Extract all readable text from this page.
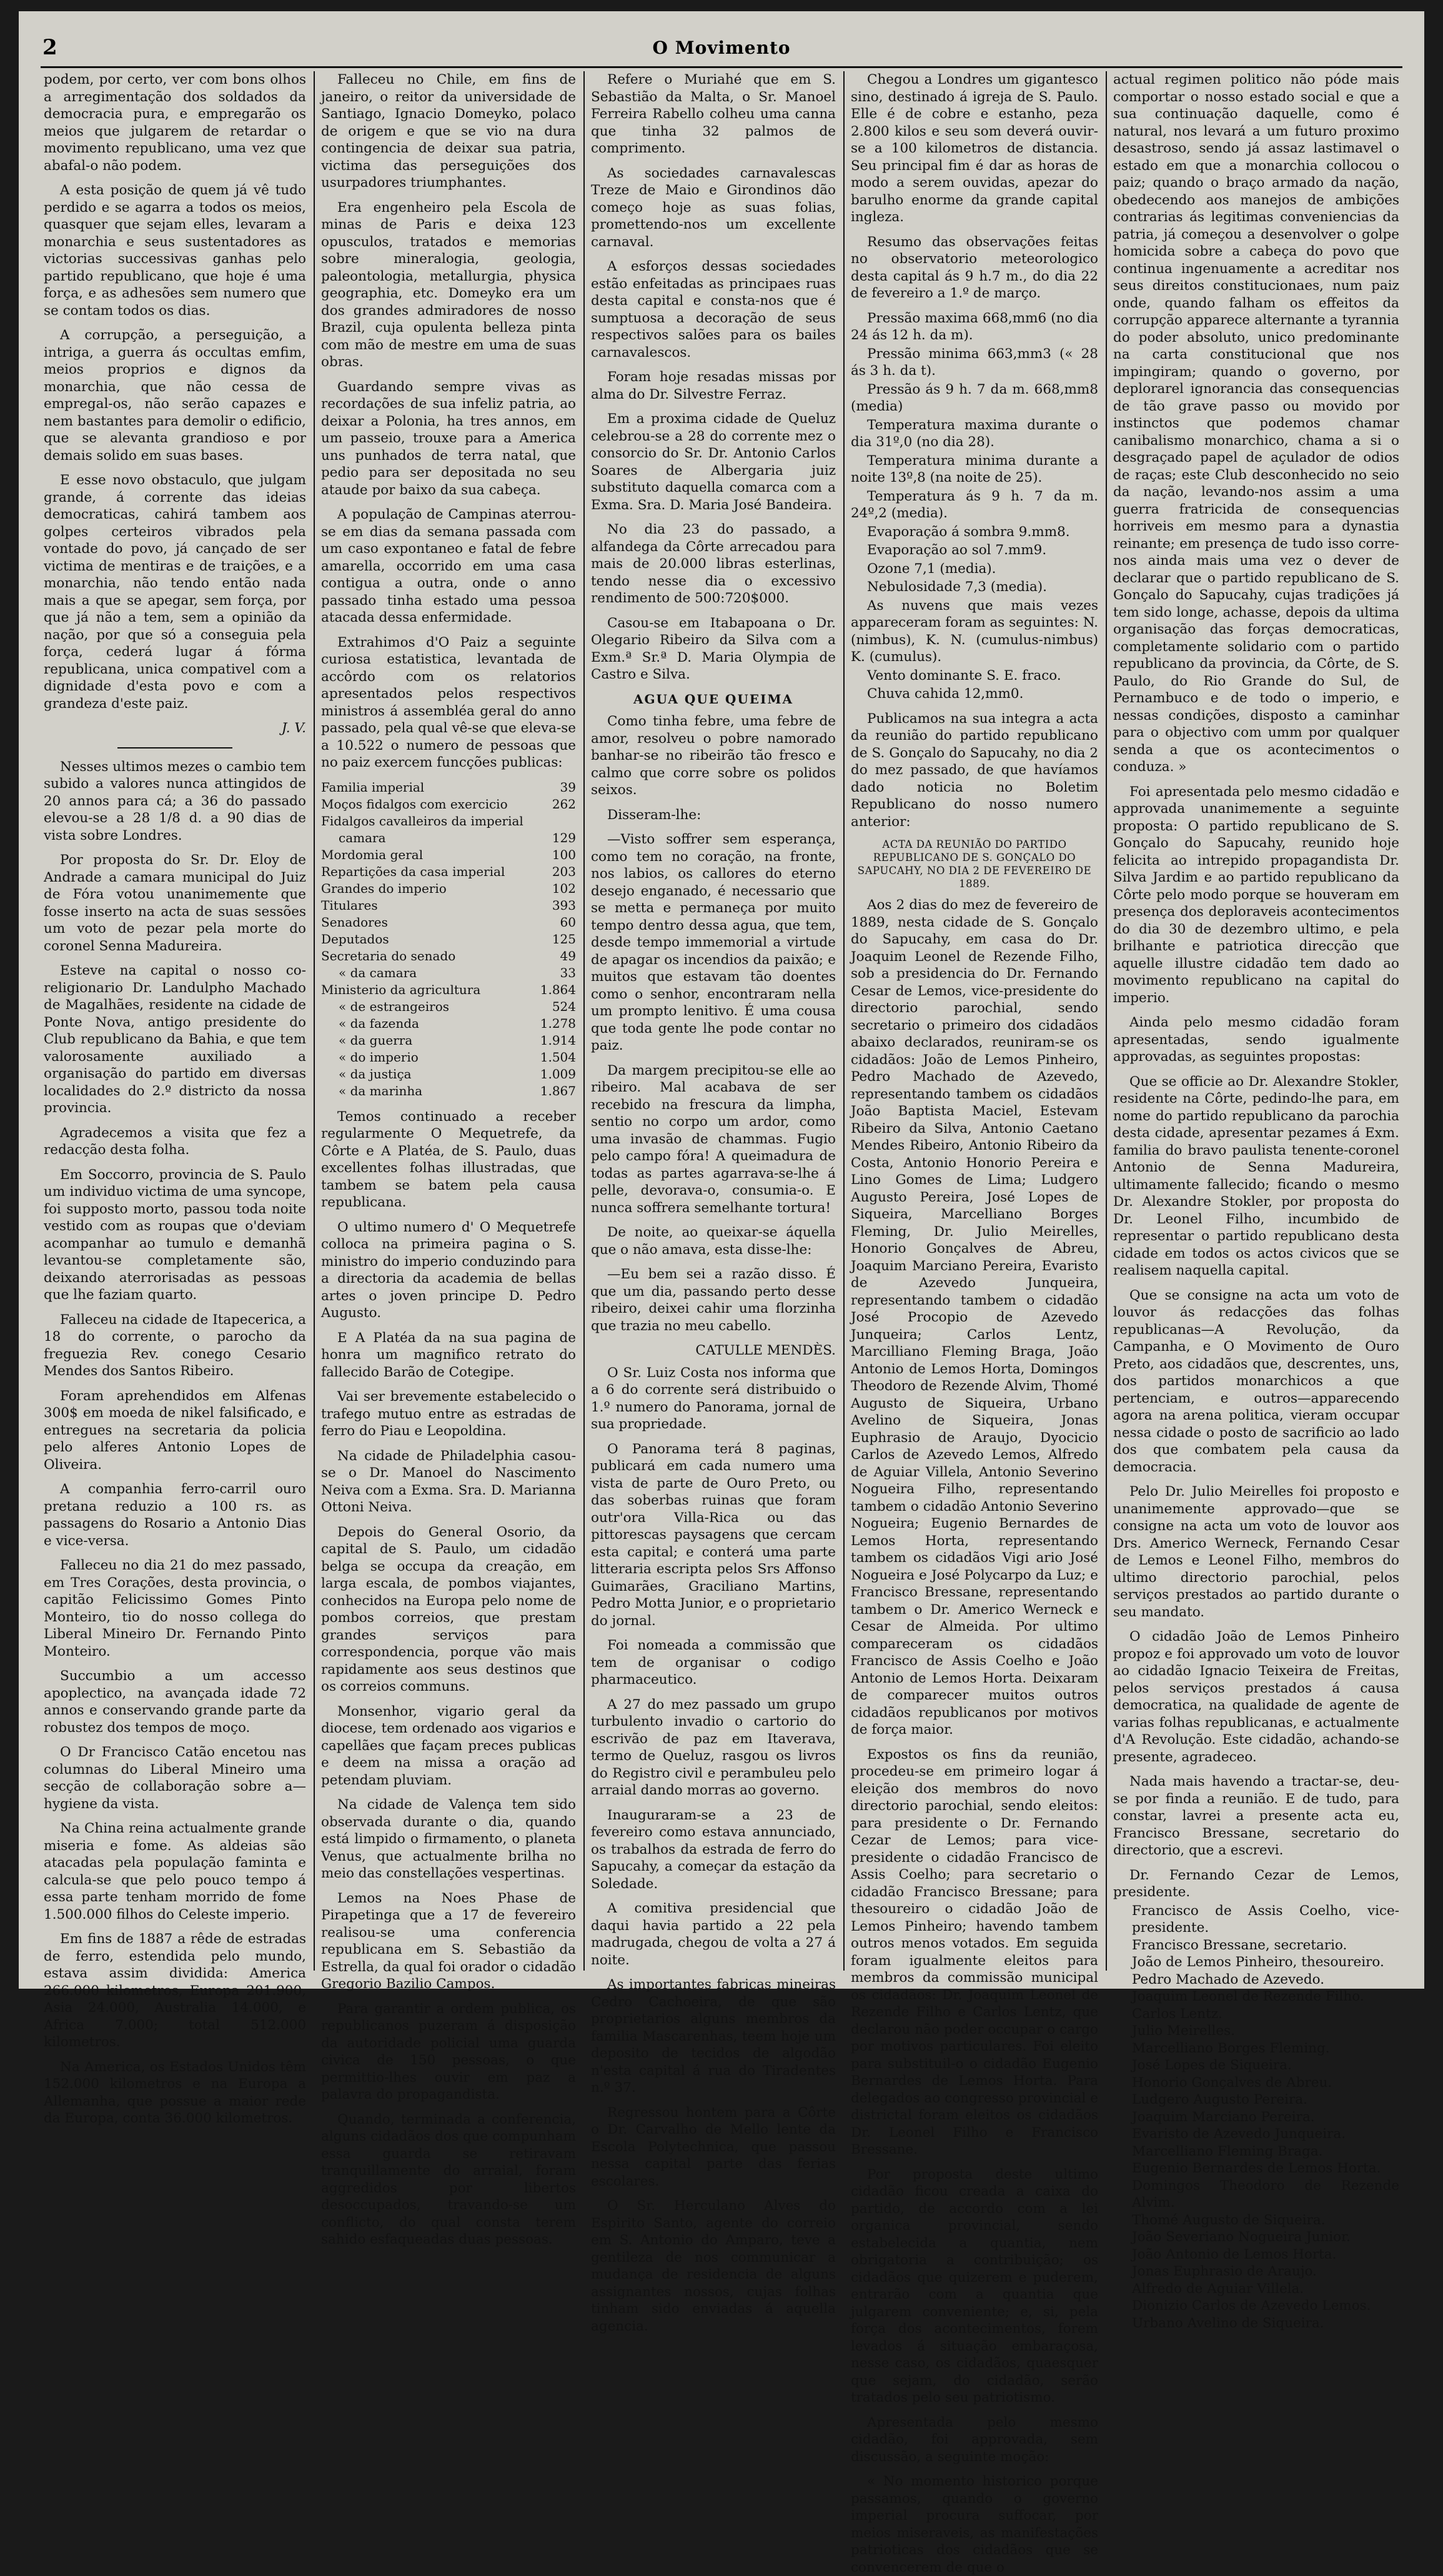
2	O Movimento

podem, por certo, ver com bons olhos a arregimentação dos soldados da democracia pura, e empregarão os meios que julgarem de retardar o movimento republicano, uma vez que abafal-o não podem.

A esta posição de quem já vê tudo perdido e se agarra a todos os meios, quasquer que sejam elles, levaram a monarchia e seus sustentadores as victorias successivas ganhas pelo partido republicano, que hoje é uma força, e as adhesões sem numero que se contam todos os dias.

A corrupção, a perseguição, a intriga, a guerra ás occultas emfim, meios proprios e dignos da monarchia, que não cessa de empregal-os, não serão capazes e nem bastantes para demolir o edificio, que se alevanta grandioso e por demais solido em suas bases.

E esse novo obstaculo, que julgam grande, á corrente das ideias democraticas, cahirá tambem aos golpes certeiros vibrados pela vontade do povo, já cançado de ser victima de mentiras e de traições, e a monarchia, não tendo então nada mais a que se apegar, sem força, por que já não a tem, sem a opinião da nação, por que só a conseguia pela força, cederá lugar á fórma republicana, unica compativel com a dignidade d'esta povo e com a grandeza d'este paiz.

J. V.

Nesses ultimos mezes o cambio tem subido a valores nunca attingidos de 20 annos para cá; a 36 do passado elevou-se a 28 1/8 d. a 90 dias de vista sobre Londres.

Por proposta do Sr. Dr. Eloy de Andrade a camara municipal do Juiz de Fóra votou unanimemente que fosse inserto na acta de suas sessões um voto de pezar pela morte do coronel Senna Madureira.

Esteve na capital o nosso co-religionario Dr. Landulpho Machado de Magalhães, residente na cidade de Ponte Nova, antigo presidente do Club republicano da Bahia, e que tem valorosamente auxiliado a organisação do partido em diversas localidades do 2.º districto da nossa provincia.

Agradecemos a visita que fez a redacção desta folha.

Em Soccorro, provincia de S. Paulo um individuo victima de uma syncope, foi supposto morto, passou toda noite vestido com as roupas que o'deviam acompanhar ao tumulo e demanhã levantou-se completamente são, deixando aterrorisadas as pessoas que lhe faziam quarto.

Falleceu na cidade de Itapecerica, a 18 do corrente, o parocho da freguezia Rev. conego Cesario Mendes dos Santos Ribeiro.

Foram aprehendidos em Alfenas 300$ em moeda de nikel falsificado, e entregues na secretaria da policia pelo alferes Antonio Lopes de Oliveira.

A companhia ferro-carril ouro pretana reduzio a 100 rs. as passagens do Rosario a Antonio Dias e vice-versa.

Falleceu no dia 21 do mez passado, em Tres Corações, desta provincia, o capitão Felicissimo Gomes Pinto Monteiro, tio do nosso collega do Liberal Mineiro Dr. Fernando Pinto Monteiro.

Succumbio a um accesso apoplectico, na avançada idade 72 annos e conservando grande parte da robustez dos tempos de moço.

O Dr Francisco Catão encetou nas columnas do Liberal Mineiro uma secção de collaboração sobre a—hygiene da vista.

Na China reina actualmente grande miseria e fome. As aldeias são atacadas pela população faminta e calcula-se que pelo pouco tempo á essa parte tenham morrido de fome 1.500.000 filhos do Celeste imperio.

Em fins de 1887 a rêde de estradas de ferro, estendida pelo mundo, estava assim dividida: America 266.000 kilometros, Europa 201.900, Asia 24.000, Australia 14.000, e Africa 7.000; total 512.000 kilometros.

Na America, os Estados Unidos têm 152.000 kilometros e na Europa a Allemanha, que possue a maior rede da Europa, conta 36.000 kilometros.

Falleceu no Chile, em fins de janeiro, o reitor da universidade de Santiago, Ignacio Domeyko, polaco de origem e que se vio na dura contingencia de deixar sua patria, victima das perseguições dos usurpadores triumphantes.

Era engenheiro pela Escola de minas de Paris e deixa 123 opusculos, tratados e memorias sobre mineralogia, geologia, paleontologia, metallurgia, physica geographia, etc. Domeyko era um dos grandes admiradores de nosso Brazil, cuja opulenta belleza pinta com mão de mestre em uma de suas obras.

Guardando sempre vivas as recordações de sua infeliz patria, ao deixar a Polonia, ha tres annos, em um passeio, trouxe para a America uns punhados de terra natal, que pedio para ser depositada no seu ataude por baixo da sua cabeça.

A população de Campinas aterrou-se em dias da semana passada com um caso expontaneo e fatal de febre amarella, occorrido em uma casa contigua a outra, onde o anno passado tinha estado uma pessoa atacada dessa enfermidade.

Extrahimos d'O Paiz a seguinte curiosa estatistica, levantada de accôrdo com os relatorios apresentados pelos respectivos ministros á assembléa geral do anno passado, pela qual vê-se que eleva-se a 10.522 o numero de pessoas que no paiz exercem funcções publicas:

Familia imperial	39
Moços fidalgos com exercicio	262
Fidalgos cavalleiros da imperial	
camara	129
Mordomia geral	100
Repartições da casa imperial	203
Grandes do imperio	102
Titulares	393
Senadores	60
Deputados	125
Secretaria do senado	49
« da camara	33
Ministerio da agricultura	1.864
« de estrangeiros	524
« da fazenda	1.278
« da guerra	1.914
« do imperio	1.504
« da justiça	1.009
« da marinha	1.867

Temos continuado a receber regularmente O Mequetrefe, da Côrte e A Platéa, de S. Paulo, duas excellentes folhas illustradas, que tambem se batem pela causa republicana.

O ultimo numero d' O Mequetrefe colloca na primeira pagina o S. ministro do imperio conduzindo para a directoria da academia de bellas artes o joven principe D. Pedro Augusto.

E A Platéa da na sua pagina de honra um magnifico retrato do fallecido Barão de Cotegipe.

Vai ser brevemente estabelecido o trafego mutuo entre as estradas de ferro do Piau e Leopoldina.

Na cidade de Philadelphia casou-se o Dr. Manoel do Nascimento Neiva com a Exma. Sra. D. Marianna Ottoni Neiva.

Depois do General Osorio, da capital de S. Paulo, um cidadão belga se occupa da creação, em larga escala, de pombos viajantes, conhecidos na Europa pelo nome de pombos correios, que prestam grandes serviços para correspondencia, porque vão mais rapidamente aos seus destinos que os correios communs.

Monsenhor, vigario geral da diocese, tem ordenado aos vigarios e capellães que façam preces publicas e deem na missa a oração ad petendam pluviam.

Na cidade de Valença tem sido observada durante o dia, quando está limpido o firmamento, o planeta Venus, que actualmente brilha no meio das constellações vespertinas.

Lemos na Noes Phase de Pirapetinga que a 17 de fevereiro realisou-se uma conferencia republicana em S. Sebastião da Estrella, da qual foi orador o cidadão Gregorio Bazilio Campos.

Para garantir a ordem publica, os republicanos puzeram á disposição da autoridade policial uma guarda civica de 150 pessoas, o que permittio-lhes ouvir em paz a palavra do propagandista.

Quando, terminada a conferencia, alguns cidadãos dos que compunham essa guarda se retiravam tranquillamente do arraial, foram aggredidos por libertos desoccupados, travando-se um conflicto, do qual consta terem sahido esfaqueadas duas pessoas.

Refere o Muriahé que em S. Sebastião da Malta, o Sr. Manoel Ferreira Rabello colheu uma canna que tinha 32 palmos de comprimento.

As sociedades carnavalescas Treze de Maio e Girondinos dão começo hoje as suas folias, promettendo-nos um excellente carnaval.

A esforços dessas sociedades estão enfeitadas as principaes ruas desta capital e consta-nos que é sumptuosa a decoração de seus respectivos salões para os bailes carnavalescos.

Foram hoje resadas missas por alma do Dr. Silvestre Ferraz.

Em a proxima cidade de Queluz celebrou-se a 28 do corrente mez o consorcio do Sr. Dr. Antonio Carlos Soares de Albergaria juiz substituto daquella comarca com a Exma. Sra. D. Maria José Bandeira.

No dia 23 do passado, a alfandega da Côrte arrecadou para mais de 20.000 libras esterlinas, tendo nesse dia o excessivo rendimento de 500:720$000.

Casou-se em Itabapoana o Dr. Olegario Ribeiro da Silva com a Exm.ª Sr.ª D. Maria Olympia de Castro e Silva.

AGUA QUE QUEIMA

Como tinha febre, uma febre de amor, resolveu o pobre namorado banhar-se no ribeirão tão fresco e calmo que corre sobre os polidos seixos.

Disseram-lhe:

—Visto soffrer sem esperança, como tem no coração, na fronte, nos labios, os callores do eterno desejo enganado, é necessario que se metta e permaneça por muito tempo dentro dessa agua, que tem, desde tempo immemorial a virtude de apagar os incendios da paixão; e muitos que estavam tão doentes como o senhor, encontraram nella um prompto lenitivo. É uma cousa que toda gente lhe pode contar no paiz.

Da margem precipitou-se elle ao ribeiro. Mal acabava de ser recebido na frescura da limpha, sentio no corpo um ardor, como uma invasão de chammas. Fugio pelo campo fóra! A queimadura de todas as partes agarrava-se-lhe á pelle, devorava-o, consumia-o. E nunca soffrera semelhante tortura!

De noite, ao queixar-se áquella que o não amava, esta disse-lhe:

—Eu bem sei a razão disso. É que um dia, passando perto desse ribeiro, deixei cahir uma florzinha que trazia no meu cabello.

CATULLE MENDÈS.

O Sr. Luiz Costa nos informa que a 6 do corrente será distribuido o 1.º numero do Panorama, jornal de sua propriedade.

O Panorama terá 8 paginas, publicará em cada numero uma vista de parte de Ouro Preto, ou das soberbas ruinas que foram outr'ora Villa-Rica ou das pittorescas paysagens que cercam esta capital; e conterá uma parte litteraria escripta pelos Srs Affonso Guimarães, Graciliano Martins, Pedro Motta Junior, e o proprietario do jornal.

Foi nomeada a commissão que tem de organisar o codigo pharmaceutico.

A 27 do mez passado um grupo turbulento invadio o cartorio do escrivão de paz em Itaverava, termo de Queluz, rasgou os livros do Registro civil e perambuleu pelo arraial dando morras ao governo.

Inauguraram-se a 23 de fevereiro como estava annunciado, os trabalhos da estrada de ferro do Sapucahy, a começar da estação da Soledade.

A comitiva presidencial que daqui havia partido a 22 pela madrugada, chegou de volta a 27 á noite.

As importantes fabricas mineiras Cedro Cachoeira, de que são proprietarios alguns membros da familia Mascarenhas, teem hoje um deposito de tecidos de algodão n'esta capital á rua do Tiradentes n.º 37.

Regressou hontem para a Côrte o Dr. Carvalho de Mello lente da Escola Polytechnica, que passou nessa capital parte das ferias escolares.

O Sr. Herculano Alves do Espirito Santo, agente do correio em S. Antonio do Amparo, teve a gentileza de nos communicar a mudança de residencia de alguns assignantes nossos, cujas folhas tinham sido enviadas á aquella agencia.

Chegou a Londres um gigantesco sino, destinado á igreja de S. Paulo. Elle é de cobre e estanho, peza 2.800 kilos e seu som deverá ouvir-se a 100 kilometros de distancia. Seu principal fim é dar as horas de modo a serem ouvidas, apezar do barulho enorme da grande capital ingleza.

Resumo das observações feitas no observatorio meteorologico desta capital ás 9 h.7 m., do dia 22 de fevereiro a 1.º de março.

Pressão maxima 668,mm6 (no dia 24 ás 12 h. da m).

Pressão minima 663,mm3 (« 28 ás 3 h. da t).

Pressão ás 9 h. 7 da m. 668,mm8 (media)

Temperatura maxima durante o dia 31º,0 (no dia 28).

Temperatura minima durante a noite 13º,8 (na noite de 25).

Temperatura ás 9 h. 7 da m. 24º,2 (media).

Evaporação á sombra 9.mm8.

Evaporação ao sol 7.mm9.

Ozone 7,1 (media).

Nebulosidade 7,3 (media).

As nuvens que mais vezes appareceram foram as seguintes: N. (nimbus), K. N. (cumulus-nimbus) K. (cumulus).

Vento dominante S. E. fraco.

Chuva cahida 12,mm0.

Publicamos na sua integra a acta da reunião do partido republicano de S. Gonçalo do Sapucahy, no dia 2 do mez passado, de que havíamos dado noticia no Boletim Republicano do nosso numero anterior:

ACTA DA REUNIÃO DO PARTIDO REPUBLICANO DE S. GONÇALO DO SAPUCAHY, NO DIA 2 DE FEVEREIRO DE 1889.

Aos 2 dias do mez de fevereiro de 1889, nesta cidade de S. Gonçalo do Sapucahy, em casa do Dr. Joaquim Leonel de Rezende Filho, sob a presidencia do Dr. Fernando Cesar de Lemos, vice-presidente do directorio parochial, sendo secretario o primeiro dos cidadãos abaixo declarados, reuniram-se os cidadãos: João de Lemos Pinheiro, Pedro Machado de Azevedo, representando tambem os cidadãos João Baptista Maciel, Estevam Ribeiro da Silva, Antonio Caetano Mendes Ribeiro, Antonio Ribeiro da Costa, Antonio Honorio Pereira e Lino Gomes de Lima; Ludgero Augusto Pereira, José Lopes de Siqueira, Marcelliano Borges Fleming, Dr. Julio Meirelles, Honorio Gonçalves de Abreu, Joaquim Marciano Pereira, Evaristo de Azevedo Junqueira, representando tambem o cidadão José Procopio de Azevedo Junqueira; Carlos Lentz, Marcilliano Fleming Braga, João Antonio de Lemos Horta, Domingos Theodoro de Rezende Alvim, Thomé Augusto de Siqueira, Urbano Avelino de Siqueira, Jonas Euphrasio de Araujo, Dyocicio Carlos de Azevedo Lemos, Alfredo de Aguiar Villela, Antonio Severino Nogueira Filho, representando tambem o cidadão Antonio Severino Nogueira; Eugenio Bernardes de Lemos Horta, representando tambem os cidadãos Vigi ario José Nogueira e José Polycarpo da Luz; e Francisco Bressane, representando tambem o Dr. Americo Werneck e Cesar de Almeida. Por ultimo compareceram os cidadãos Francisco de Assis Coelho e João Antonio de Lemos Horta. Deixaram de comparecer muitos outros cidadãos republicanos por motivos de força maior.

Expostos os fins da reunião, procedeu-se em primeiro logar á eleição dos membros do novo directorio parochial, sendo eleitos: para presidente o Dr. Fernando Cezar de Lemos; para vice-presidente o cidadão Francisco de Assis Coelho; para secretario o cidadão Francisco Bressane; para thesoureiro o cidadão João de Lemos Pinheiro; havendo tambem outros menos votados. Em seguida foram igualmente eleitos para membros da commissão municipal os cidadãos: Dr. Joaquim Leonel de Rezende Filho e Carlos Lentz, que declarou não poder occupar o cargo por motivos particulares. Foi eleito para substituil-o o cidadão Eugenio Bernardes de Lemos Horta. Para delegados ao congresso provincial e districtal foram eleitos os cidadãos Dr. Leonel Filho e Francisco Bressane.

Por proposta deste ultimo cidadão ficou creada a caixa do partido, de accordo com a lei organica provincial, sendo estabelecida a quantia, nem obrigatoria a contribuição; os cidadãos que quizerem e puderem, entrarão com a quantia que julgarem conveniente; e, si, pela força dos acontecimentos, forem levados á situação embaraçosa, nesse caso, os cidadãos, quaesquer que sejam, do cidadão, serão tratados pelo seu patriotismo.

Apresentada pelo mesmo cidadão, foi approvada, sem discussão, a seguinte moção:

« No momento historico porque passamos, quando o governo imperial procura suffocar, por meios miseraveis, as manifestações patrioticas dos cidadãos que se convencerem de que o

actual regimen politico não póde mais comportar o nosso estado social e que a sua continuação daquelle, como é natural, nos levará a um futuro proximo desastroso, sendo já assaz lastimavel o estado em que a monarchia collocou o paiz; quando o braço armado da nação, obedecendo aos manejos de ambições contrarias ás legitimas conveniencias da patria, já começou a desenvolver o golpe homicida sobre a cabeça do povo que continua ingenuamente a acreditar nos seus direitos constitucionaes, num paiz onde, quando falham os effeitos da corrupção apparece alternante a tyrannia do poder absoluto, unico predominante na carta constitucional que nos impingiram; quando o governo, por deplorarel ignorancia das consequencias de tão grave passo ou movido por instinctos que podemos chamar canibalismo monarchico, chama a si o desgraçado papel de açulador de odios de raças; este Club desconhecido no seio da nação, levando-nos assim a uma guerra fratricida de consequencias horriveis em mesmo para a dynastia reinante; em presença de tudo isso corre-nos ainda mais uma vez o dever de declarar que o partido republicano de S. Gonçalo do Sapucahy, cujas tradições já tem sido longe, achasse, depois da ultima organisação das forças democraticas, completamente solidario com o partido republicano da provincia, da Côrte, de S. Paulo, do Rio Grande do Sul, de Pernambuco e de todo o imperio, e nessas condições, disposto a caminhar para o objectivo com umm por qualquer senda a que os acontecimentos o conduza. »

Foi apresentada pelo mesmo cidadão e approvada unanimemente a seguinte proposta: O partido republicano de S. Gonçalo do Sapucahy, reunido hoje felicita ao intrepido propagandista Dr. Silva Jardim e ao partido republicano da Côrte pelo modo porque se houveram em presença dos deploraveis acontecimentos do dia 30 de dezembro ultimo, e pela brilhante e patriotica direcção que aquelle illustre cidadão tem dado ao movimento republicano na capital do imperio.

Ainda pelo mesmo cidadão foram apresentadas, sendo igualmente approvadas, as seguintes propostas:

Que se officie ao Dr. Alexandre Stokler, residente na Côrte, pedindo-lhe para, em nome do partido republicano da parochia desta cidade, apresentar pezames á Exm. familia do bravo paulista tenente-coronel Antonio de Senna Madureira, ultimamente fallecido; ficando o mesmo Dr. Alexandre Stokler, por proposta do Dr. Leonel Filho, incumbido de representar o partido republicano desta cidade em todos os actos civicos que se realisem naquella capital.

Que se consigne na acta um voto de louvor ás redacções das folhas republicanas—A Revolução, da Campanha, e O Movimento de Ouro Preto, aos cidadãos que, descrentes, uns, dos partidos monarchicos a que pertenciam, e outros—apparecendo agora na arena politica, vieram occupar nessa cidade o posto de sacrificio ao lado dos que combatem pela causa da democracia.

Pelo Dr. Julio Meirelles foi proposto e unanimemente approvado—que se consigne na acta um voto de louvor aos Drs. Americo Werneck, Fernando Cesar de Lemos e Leonel Filho, membros do ultimo directorio parochial, pelos serviços prestados ao partido durante o seu mandato.

O cidadão João de Lemos Pinheiro propoz e foi approvado um voto de louvor ao cidadão Ignacio Teixeira de Freitas, pelos serviços prestados á causa democratica, na qualidade de agente de varias folhas republicanas, e actualmente d'A Revolução. Este cidadão, achando-se presente, agradeceo.

Nada mais havendo a tractar-se, deu-se por finda a reunião. E de tudo, para constar, lavrei a presente acta eu, Francisco Bressane, secretario do directorio, que a escrevi.

Dr. Fernando Cezar de Lemos, presidente.

Francisco de Assis Coelho, vice-presidente.
Francisco Bressane, secretario.
João de Lemos Pinheiro, thesoureiro.
Pedro Machado de Azevedo.
Joaquim Leonel de Rezende Filho.
Carlos Lentz.
Julio Meirelles.
Marcelliano Borges Fleming.
José Lopes de Siqueira.
Honorio Gonçalves de Abreu.
Ludgero Augusto Pereira.
Joaquim Marciano Pereira.
Evaristo de Azevedo Junqueira.
Marcelliano Fleming Braga.
Eugenio Bernardes de Lemos Horta.
Domingos Theodoro de Rezende Alvim.
Thomé Augusto de Siqueira.
João Severiano Nogueira Junior.
João Antonio de Lemos Horta.
Jonas Euphrasio de Araujo.
Alfredo de Aguiar Villela.
Dionizio Carlos de Azevedo Lemos.
Urbano Avelino de Siqueira.
